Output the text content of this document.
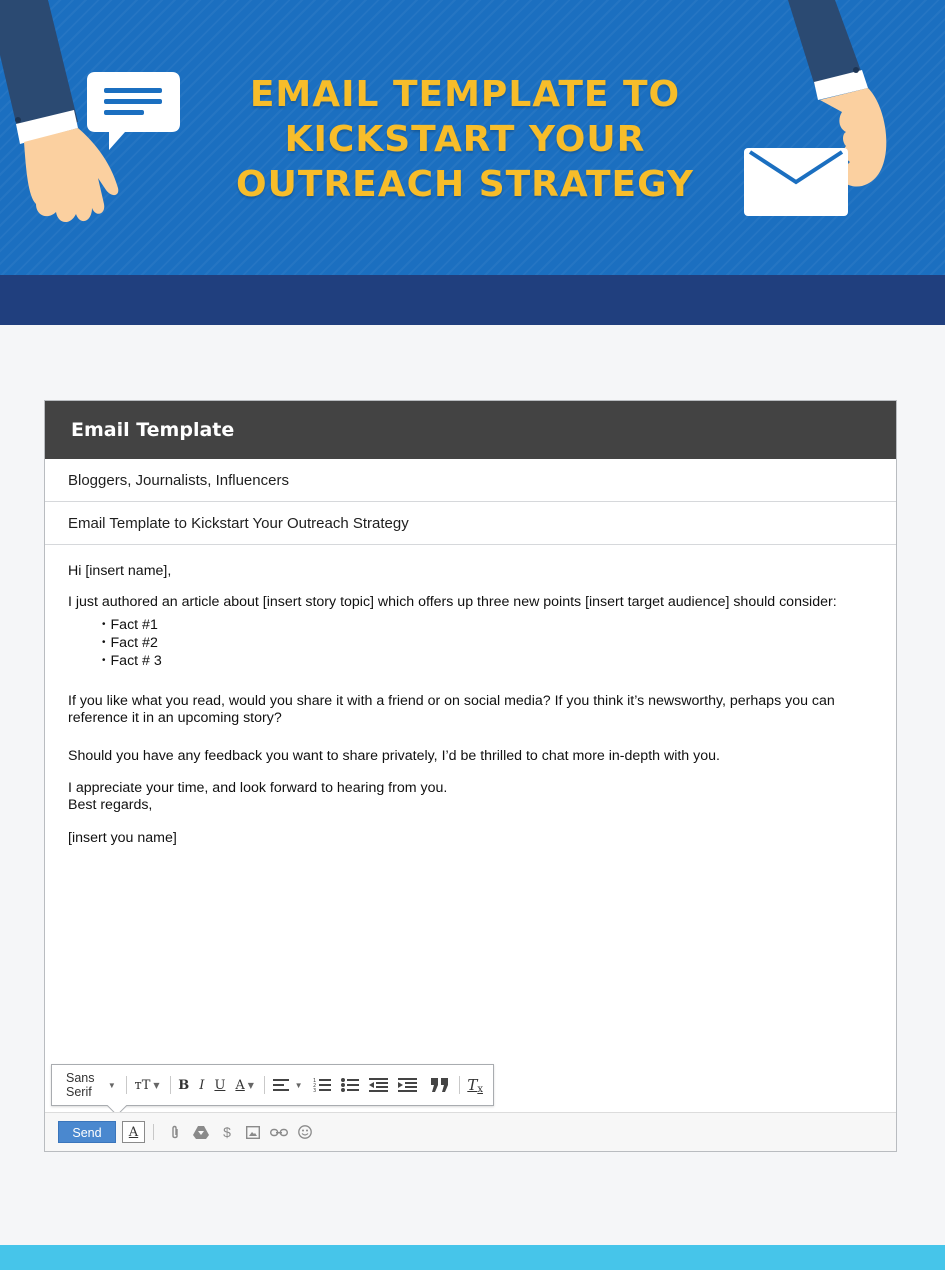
EMAIL TEMPLATE TO
KICKSTART YOUR
OUTREACH STRATEGY
Email Template
Bloggers, Journalists, Influencers
Email Template to Kickstart Your Outreach Strategy

Hi [insert name],

I just authored an article about [insert story topic] which offers up three new points [insert target audience] should consider:

• Fact #1
• Fact #2
• Fact # 3

If you like what you read, would you share it with a friend or on social media? If you think it’s newsworthy, perhaps you can reference it in an upcoming story?

Should you have any feedback you want to share privately, I’d be thrilled to chat more in-depth with you.

I appreciate your time, and look forward to hearing from you.

Best regards,

[insert you name]

Sans Serif	▼ тT ▼ B I U A ▼	▼ 1
2
3	T x
Send	A	$
